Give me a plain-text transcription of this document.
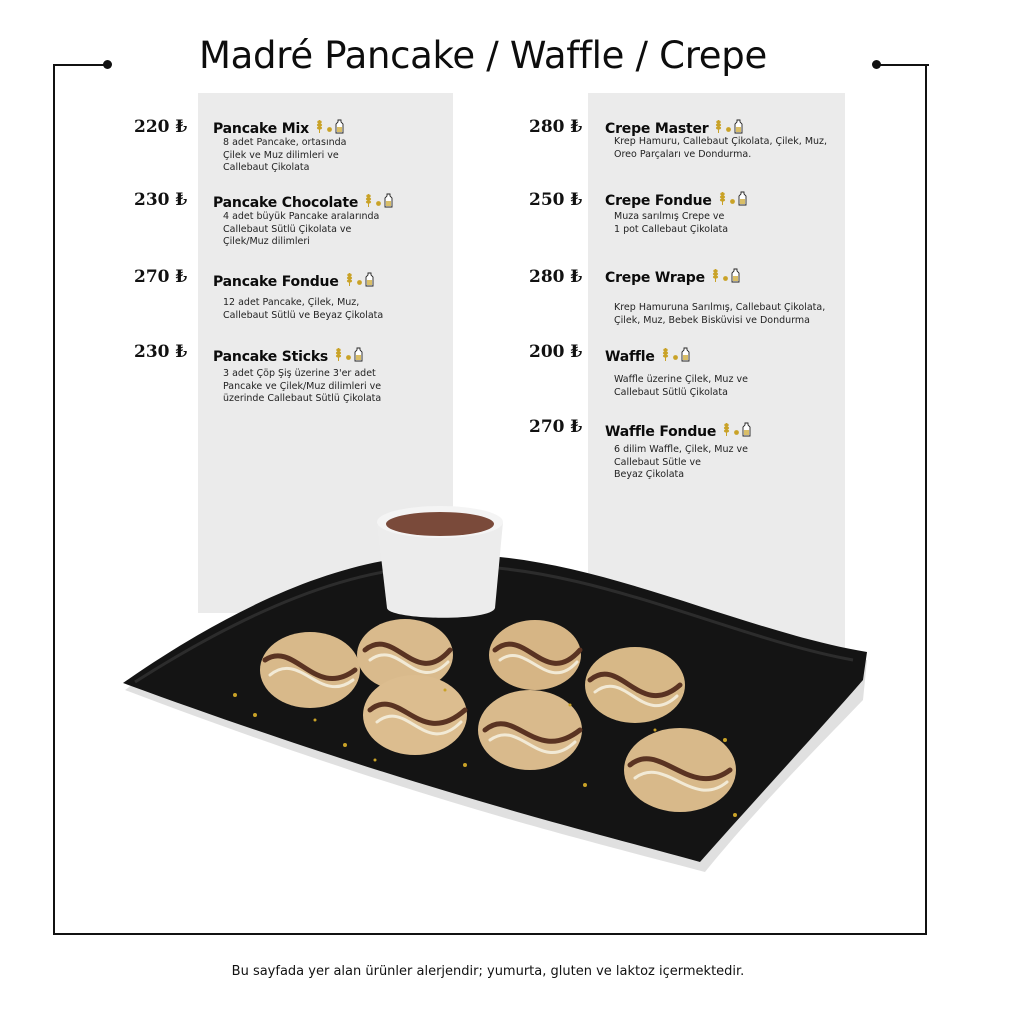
Madré Pancake / Waffle / Crepe
220 ₺ Pancake Mix
8 adet Pancake, ortasında
Çilek ve Muz dilimleri ve
Callebaut Çikolata
230 ₺ Pancake Chocolate
4 adet büyük Pancake aralarında
Callebaut Sütlü Çikolata ve
Çilek/Muz dilimleri
270 ₺ Pancake Fondue
12 adet Pancake, Çilek, Muz,
Callebaut Sütlü ve Beyaz Çikolata
230 ₺ Pancake Sticks
3 adet Çöp Şiş üzerine 3'er adet
Pancake ve Çilek/Muz dilimleri ve
üzerinde Callebaut Sütlü Çikolata
280 ₺ Crepe Master
Krep Hamuru, Callebaut Çikolata, Çilek, Muz,
Oreo Parçaları ve Dondurma.
250 ₺ Crepe Fondue
Muza sarılmış Crepe ve
1 pot Callebaut Çikolata
280 ₺ Crepe Wrape
Krep Hamuruna Sarılmış, Callebaut Çikolata,
Çilek, Muz, Bebek Bisküvisi ve Dondurma
200 ₺ Waffle
Waffle üzerine Çilek, Muz ve
Callebaut Sütlü Çikolata
270 ₺ Waffle Fondue
6 dilim Waffle, Çilek, Muz ve
Callebaut Sütle ve
Beyaz Çikolata
Bu sayfada yer alan ürünler alerjendir; yumurta, gluten ve laktoz içermektedir.
